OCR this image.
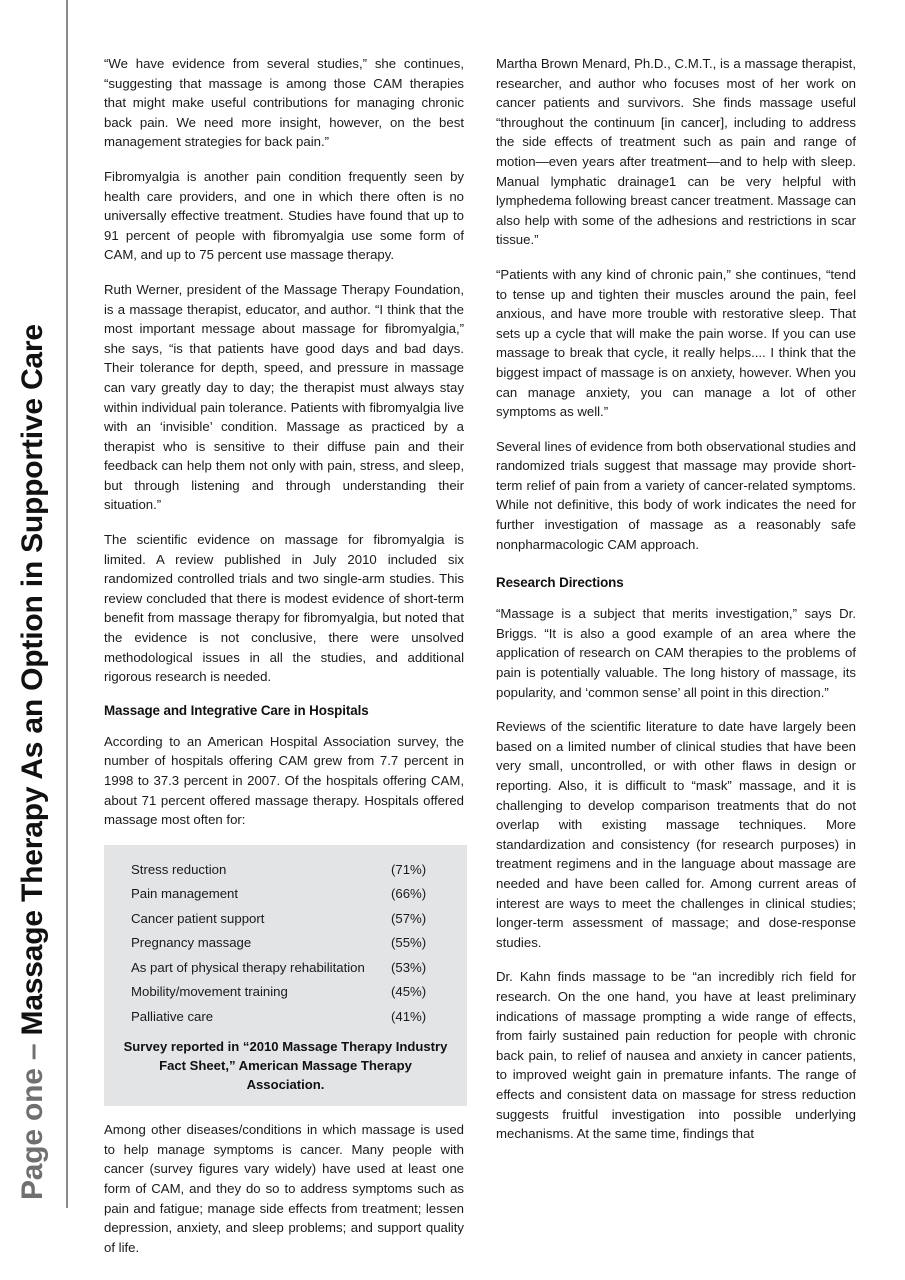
Page one – Massage Therapy As an Option in Supportive Care

“We have evidence from several studies,” she continues, “suggesting that massage is among those CAM therapies that might make useful contributions for managing chronic back pain. We need more insight, however, on the best management strategies for back pain.”

Fibromyalgia is another pain condition frequently seen by health care providers, and one in which there often is no universally effective treatment. Studies have found that up to 91 percent of people with fibromyalgia use some form of CAM, and up to 75 percent use massage therapy.

Ruth Werner, president of the Massage Therapy Foundation, is a massage therapist, educator, and author. “I think that the most important message about massage for fibromyalgia,” she says, “is that patients have good days and bad days. Their tolerance for depth, speed, and pressure in massage can vary greatly day to day; the therapist must always stay within individual pain tolerance. Patients with fibromyalgia live with an ‘invisible’ condition. Massage as practiced by a therapist who is sensitive to their diffuse pain and their feedback can help them not only with pain, stress, and sleep, but through listening and through understanding their situation.”

The scientific evidence on massage for fibromyalgia is limited. A review published in July 2010 included six randomized controlled trials and two single-arm studies. This review concluded that there is modest evidence of short-term benefit from massage therapy for fibromyalgia, but noted that the evidence is not conclusive, there were unsolved methodological issues in all the studies, and additional rigorous research is needed.

Massage and Integrative Care in Hospitals

According to an American Hospital Association survey, the number of hospitals offering CAM grew from 7.7 percent in 1998 to 37.3 percent in 2007. Of the hospitals offering CAM, about 71 percent offered massage therapy. Hospitals offered massage most often for:

Stress reduction	(71%)
Pain management	(66%)
Cancer patient support	(57%)
Pregnancy massage	(55%)
As part of physical therapy rehabilitation	(53%)
Mobility/movement training	(45%)
Palliative care	(41%)
Survey reported in “2010 Massage Therapy Industry Fact Sheet,” American Massage Therapy Association.

Among other diseases/conditions in which massage is used to help manage symptoms is cancer. Many people with cancer (survey figures vary widely) have used at least one form of CAM, and they do so to address symptoms such as pain and fatigue; manage side effects from treatment; lessen depression, anxiety, and sleep problems; and support quality of life.

Martha Brown Menard, Ph.D., C.M.T., is a massage therapist, researcher, and author who focuses most of her work on cancer patients and survivors. She finds massage useful “throughout the continuum [in cancer], including to address the side effects of treatment such as pain and range of motion—even years after treatment—and to help with sleep. Manual lymphatic drainage1 can be very helpful with lymphedema following breast cancer treatment. Massage can also help with some of the adhesions and restrictions in scar tissue.”

“Patients with any kind of chronic pain,” she continues, “tend to tense up and tighten their muscles around the pain, feel anxious, and have more trouble with restorative sleep. That sets up a cycle that will make the pain worse. If you can use massage to break that cycle, it really helps.... I think that the biggest impact of massage is on anxiety, however. When you can manage anxiety, you can manage a lot of other symptoms as well.”

Several lines of evidence from both observational studies and randomized trials suggest that massage may provide short-term relief of pain from a variety of cancer-related symptoms. While not definitive, this body of work indicates the need for further investigation of massage as a reasonably safe nonpharmacologic CAM approach.

Research Directions

“Massage is a subject that merits investigation,” says Dr. Briggs. “It is also a good example of an area where the application of research on CAM therapies to the problems of pain is potentially valuable. The long history of massage, its popularity, and ‘common sense’ all point in this direction.”

Reviews of the scientific literature to date have largely been based on a limited number of clinical studies that have been very small, uncontrolled, or with other flaws in design or reporting. Also, it is difficult to “mask” massage, and it is challenging to develop comparison treatments that do not overlap with existing massage techniques. More standardization and consistency (for research purposes) in treatment regimens and in the language about massage are needed and have been called for. Among current areas of interest are ways to meet the challenges in clinical studies; longer-term assessment of massage; and dose-response studies.

Dr. Kahn finds massage to be “an incredibly rich field for research. On the one hand, you have at least preliminary indications of massage prompting a wide range of effects, from fairly sustained pain reduction for people with chronic back pain, to relief of nausea and anxiety in cancer patients, to improved weight gain in premature infants. The range of effects and consistent data on massage for stress reduction suggests fruitful investigation into possible underlying mechanisms. At the same time, findings that
